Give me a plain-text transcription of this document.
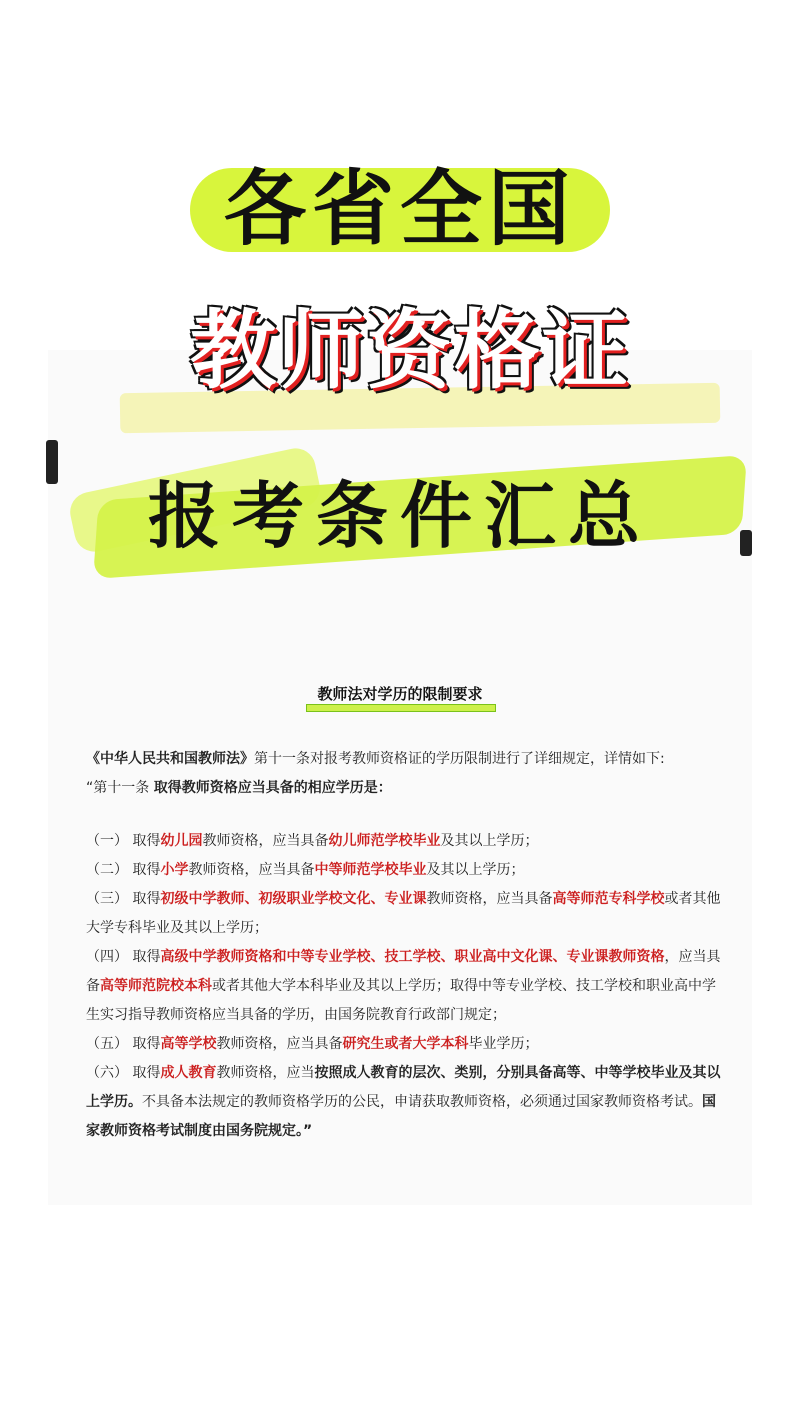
各省全国
教师资格证
报考条件汇总
教师法对学历的限制要求

《中华人民共和国教师法》第十一条对报考教师资格证的学历限制进行了详细规定，详情如下:

“第十一条 取得教师资格应当具备的相应学历是：

（一） 取得幼儿园教师资格，应当具备幼儿师范学校毕业及其以上学历；

（二） 取得小学教师资格，应当具备中等师范学校毕业及其以上学历；

（三） 取得初级中学教师、初级职业学校文化、专业课教师资格，应当具备高等师范专科学校或者其他大学专科毕业及其以上学历；

（四） 取得高级中学教师资格和中等专业学校、技工学校、职业高中文化课、专业课教师资格，应当具备高等师范院校本科或者其他大学本科毕业及其以上学历；取得中等专业学校、技工学校和职业高中学生实习指导教师资格应当具备的学历，由国务院教育行政部门规定；

（五） 取得高等学校教师资格，应当具备研究生或者大学本科毕业学历；

（六） 取得成人教育教师资格，应当按照成人教育的层次、类别，分别具备高等、中等学校毕业及其以上学历。不具备本法规定的教师资格学历的公民，申请获取教师资格，必须通过国家教师资格考试。国家教师资格考试制度由国务院规定。”
